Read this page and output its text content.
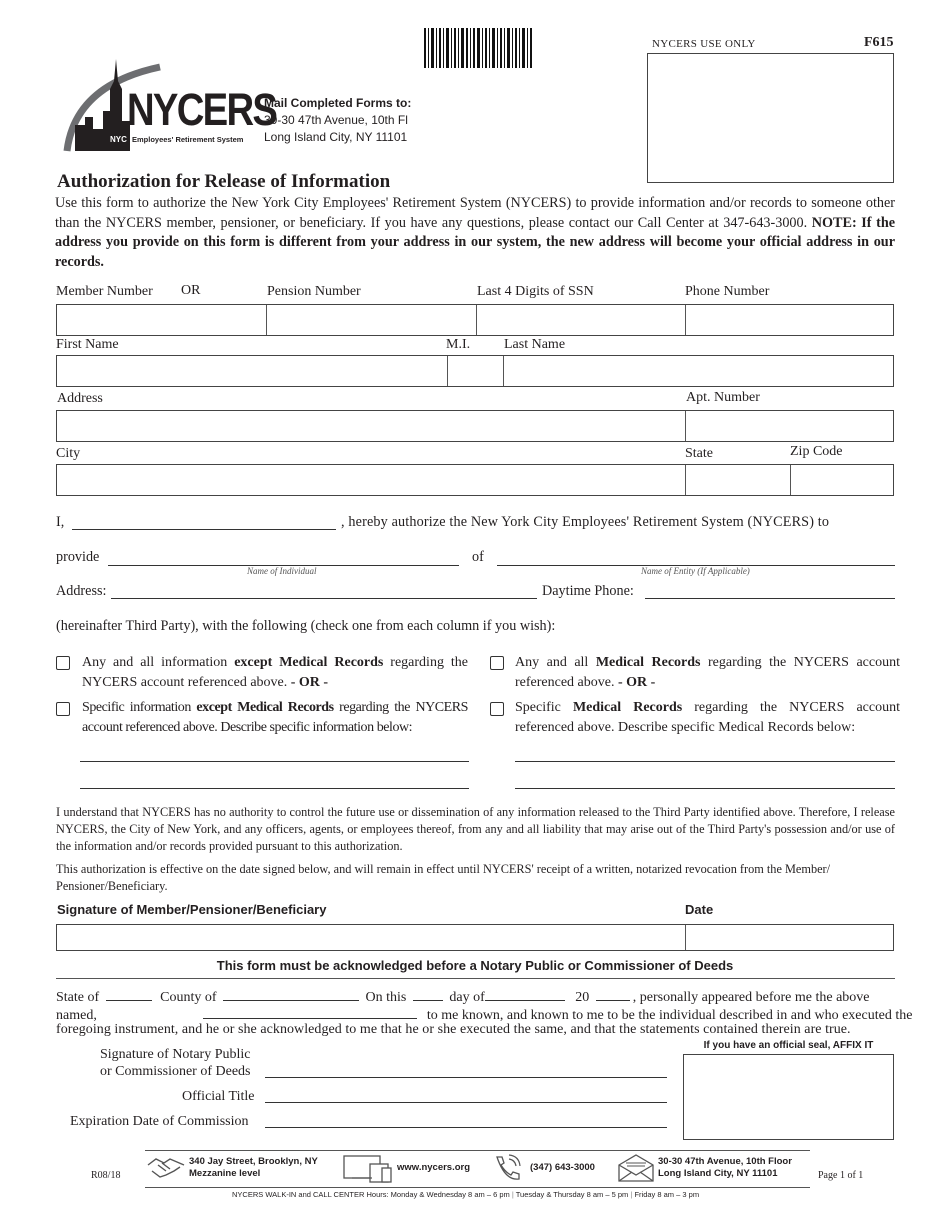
NYCERS USE ONLY	F615
NYCERS
NYC Employees' Retirement System
Mail Completed Forms to:
30-30 47th Avenue, 10th Fl
Long Island City, NY 11101
Authorization for Release of Information
Use this form to authorize the New York City Employees' Retirement System (NYCERS) to provide information and/or records to someone other than the NYCERS member, pensioner, or beneficiary. If you have any questions, please contact our Call Center at 347-643-3000. NOTE: If the address you provide on this form is different from your address in our system, the new address will become your official address in our records.
Member Number OR	Pension Number	Last 4 Digits of SSN	Phone Number
First Name	M.I. Last Name
Address	Apt. Number
City	State	Zip Code
I,	, hereby authorize the New York City Employees' Retirement System (NYCERS) to
provide
Name of Individual
of
Name of Entity (If Applicable)
Address:	Daytime Phone:
(hereinafter Third Party), with the following (check one from each column if you wish):
Any and all information except Medical Records regarding the NYCERS account referenced above. - OR -
Specific information except Medical Records regarding the NYCERS account referenced above. Describe specific information below:
Any and all Medical Records regarding the NYCERS account referenced above. - OR -
Specific Medical Records regarding the NYCERS account referenced above. Describe specific Medical Records below:
I understand that NYCERS has no authority to control the future use or dissemination of any information released to the Third Party identified above. Therefore, I release NYCERS, the City of New York, and any officers, agents, or employees thereof, from any and all liability that may arise out of the Third Party's possession and/or use of the information and/or records provided pursuant to this authorization.
This authorization is effective on the date signed below, and will remain in effect until NYCERS' receipt of a written, notarized revocation from the Member/ Pensioner/Beneficiary.
Signature of Member/Pensioner/Beneficiary	Date
This form must be acknowledged before a Notary Public or Commissioner of Deeds
State of	County of	On this	day of	20	, personally appeared before me the above
named,	to me known, and known to me to be the individual described in and who executed the
foregoing instrument, and he or she acknowledged to me that he or she executed the same, and that the statements contained therein are true.
If you have an official seal, AFFIX IT
Signature of Notary Public
or Commissioner of Deeds
Official Title
Expiration Date of Commission
R08/18
340 Jay Street, Brooklyn, NY
Mezzanine level
www.nycers.org	(347) 643-3000
30-30 47th Avenue, 10th Floor
Long Island City, NY 11101	Page 1 of 1
NYCERS WALK-IN and CALL CENTER Hours: Monday & Wednesday 8 am – 6 pm | Tuesday & Thursday 8 am – 5 pm | Friday 8 am – 3 pm
